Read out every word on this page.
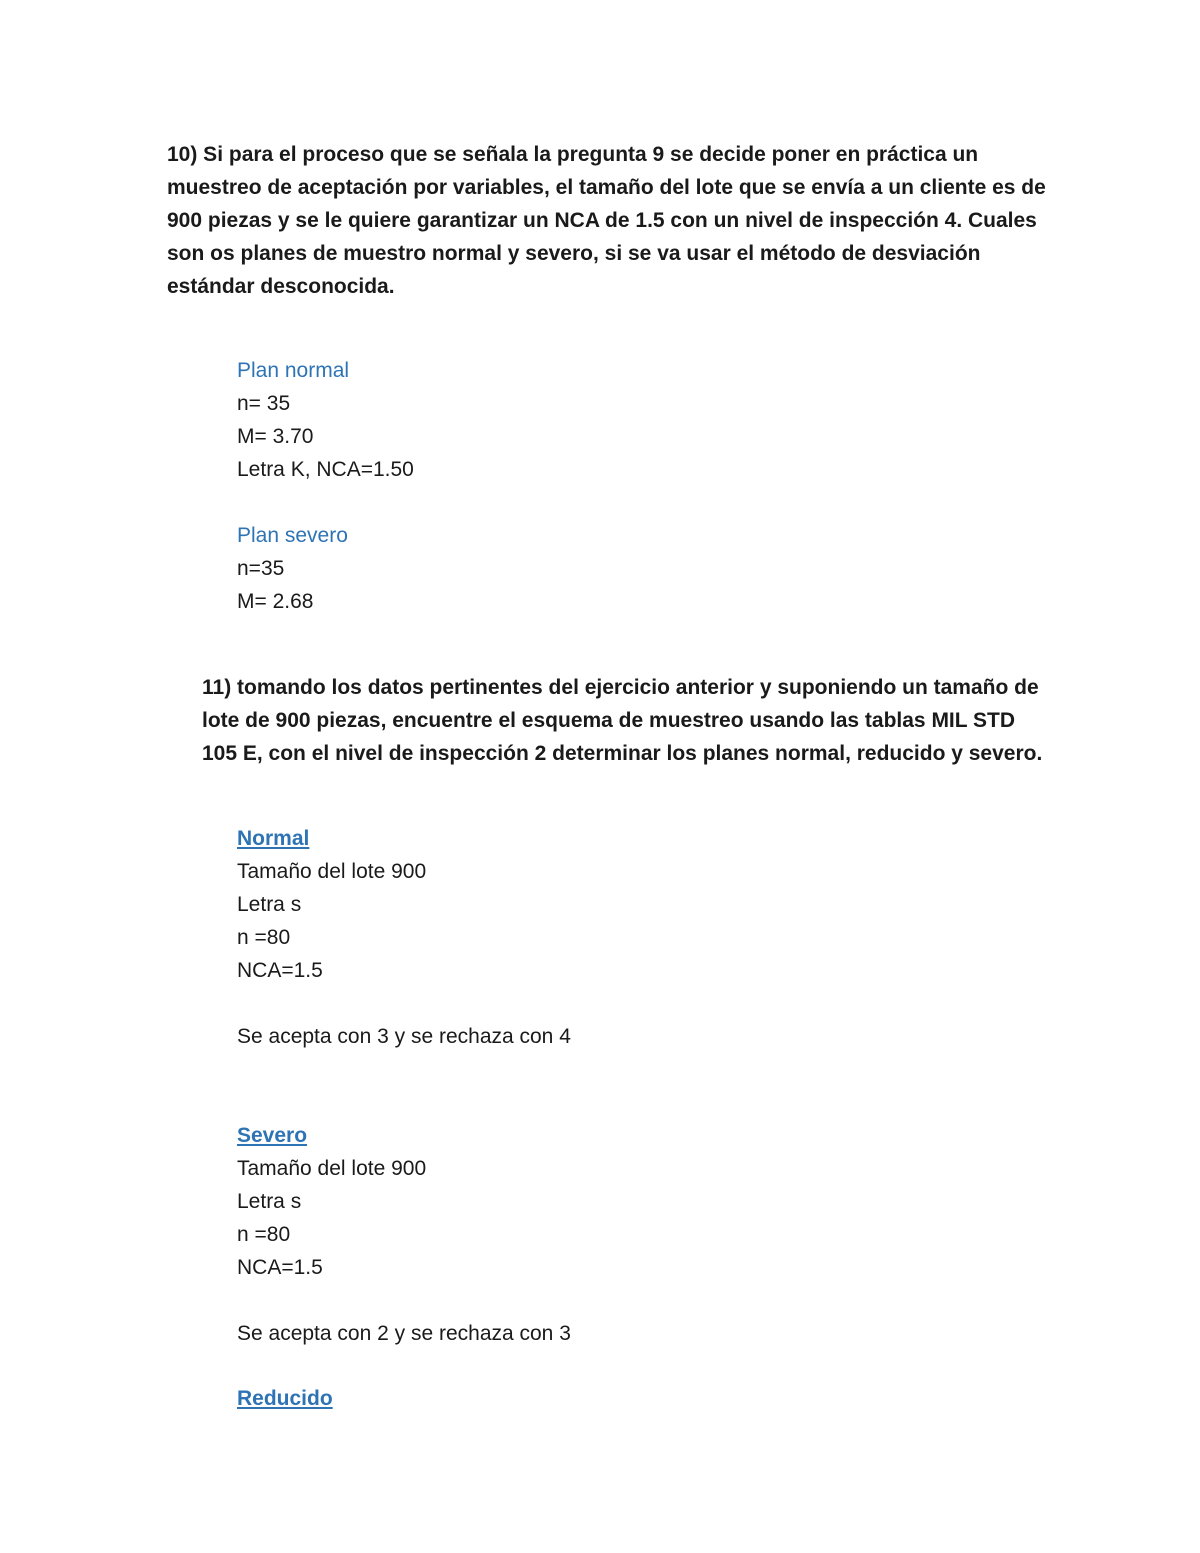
10) Si para el proceso que se señala la pregunta 9 se decide poner en práctica un muestreo de aceptación por variables, el tamaño del lote que se envía a un cliente es de 900 piezas y se le quiere garantizar un NCA de 1.5 con un nivel de inspección 4. Cuales son os planes de muestro normal y severo, si se va usar el método de desviación estándar desconocida.

Plan normal
n= 35
M= 3.70
Letra K, NCA=1.50
Plan severo
n=35
M= 2.68

11) tomando los datos pertinentes del ejercicio anterior y suponiendo un tamaño de lote de 900 piezas, encuentre el esquema de muestreo usando las tablas MIL STD 105 E, con el nivel de inspección 2 determinar los planes normal, reducido y severo.

Normal
Tamaño del lote 900
Letra s
n =80
NCA=1.5
Se acepta con 3 y se rechaza con 4
Severo
Tamaño del lote 900
Letra s
n =80
NCA=1.5
Se acepta con 2 y se rechaza con 3
Reducido
